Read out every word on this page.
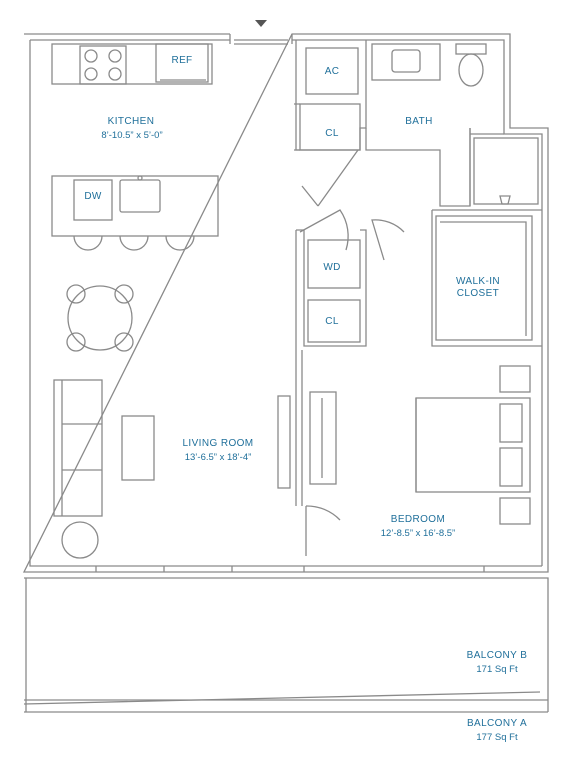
KITCHEN
8’-10.5” x 5’-0”
BATH
WALK-IN
CLOSET
LIVING ROOM
13’-6.5” x 18’-4”
BEDROOM
12’-8.5” x 16’-8.5”
BALCONY B
171 Sq Ft
BALCONY A
177 Sq Ft
REF
AC
CL
DW
WD
CL
